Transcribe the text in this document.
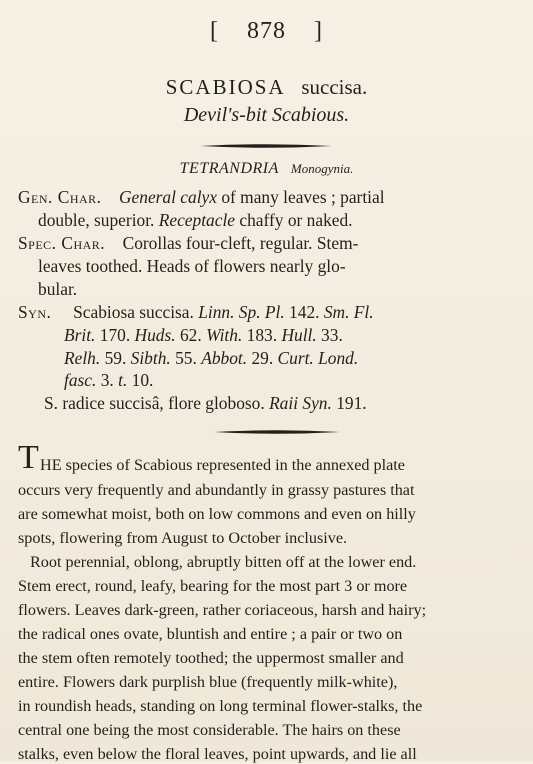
[ 878 ]
SCABIOSA succisa.
Devil's-bit Scabious.
TETRANDRIA Monogynia.
Gen. Char. General calyx of many leaves ; partial
double, superior. Receptacle chaffy or naked.
Spec. Char. Corollas four-cleft, regular. Stem-
leaves toothed. Heads of flowers nearly glo-
bular.
Syn. Scabiosa succisa. Linn. Sp. Pl. 142. Sm. Fl.
Brit. 170. Huds. 62. With. 183. Hull. 33.
Relh. 59. Sibth. 55. Abbot. 29. Curt. Lond.
fasc. 3. t. 10.
S. radice succisâ, flore globoso. Raii Syn. 191.
T HE species of Scabious represented in the annexed plate
occurs very frequently and abundantly in grassy pastures that
are somewhat moist, both on low commons and even on hilly
spots, flowering from August to October inclusive.
Root perennial, oblong, abruptly bitten off at the lower end.
Stem erect, round, leafy, bearing for the most part 3 or more
flowers. Leaves dark-green, rather coriaceous, harsh and hairy;
the radical ones ovate, bluntish and entire ; a pair or two on
the stem often remotely toothed; the uppermost smaller and
entire. Flowers dark purplish blue (frequently milk-white),
in roundish heads, standing on long terminal flower-stalks, the
central one being the most considerable. The hairs on these
stalks, even below the floral leaves, point upwards, and lie all
